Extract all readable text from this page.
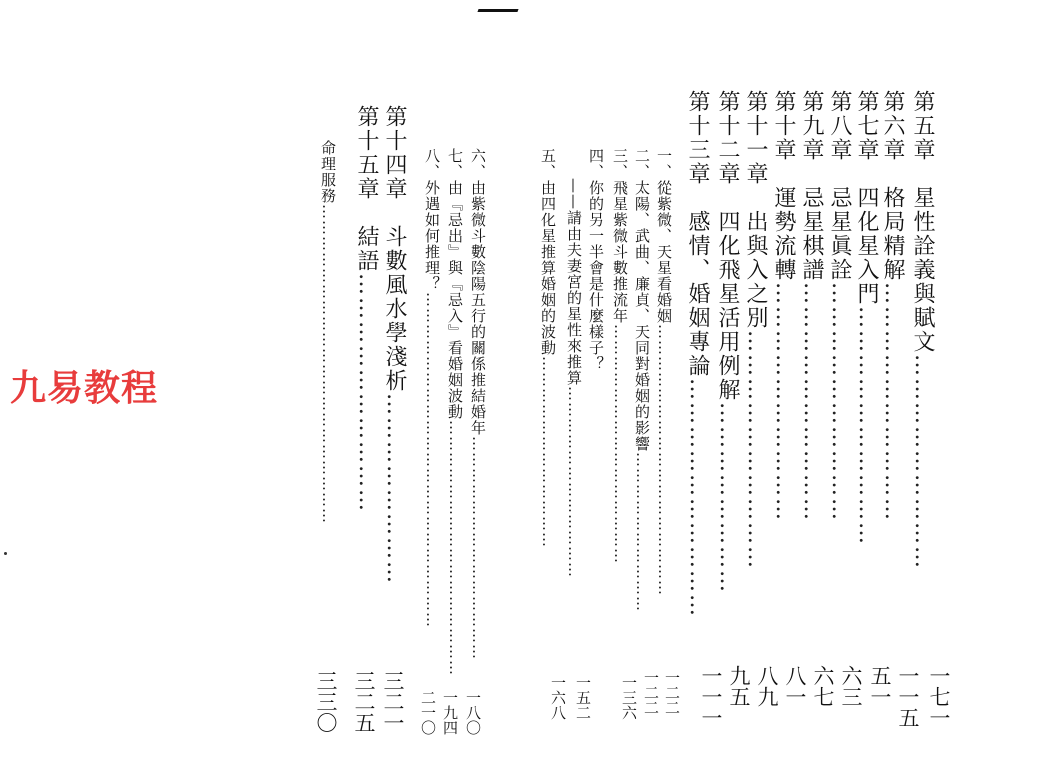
九易教程
第五章　星性詮義與賦文………………………
一七一
第六章　格局精解…………………………
一一五
第七章　四化星入門…………………………
五一
第八章　忌星眞詮…………………………
六三
第九章　忌星棋譜…………………………
六七
第十章　運勢流轉…………………………
八一
第十一章　出與入之別…………………………
八九
第十二章　四化飛星活用例解……………………
九五
第十三章　感情、婚姻專論…………………………
一一一
一、從紫微、天星看婚姻……………………………………………
一二二
二、太陽、武曲、廉貞、天同對婚姻的影響…………………………
一二二
三、飛星紫微斗數推流年………………………………………
一三六
四、你的另一半會是什麼樣子？
——請由夫妻宮的星性來推算………………………………
一五二
五、由四化星推算婚姻的波動………………………………
一六八
六、由紫微斗數陰陽五行的關係推結婚年……………………………………
一八〇
七、由『忌出』與『忌入』看婚姻波動…………………………………………
一九四
八、外遇如何推理？………………………………………………………
二一〇
第十四章　斗數風水學淺析……………………
三二一
第十五章　結語…………………………
三二五
命理服務……………………………………………………
三三〇
